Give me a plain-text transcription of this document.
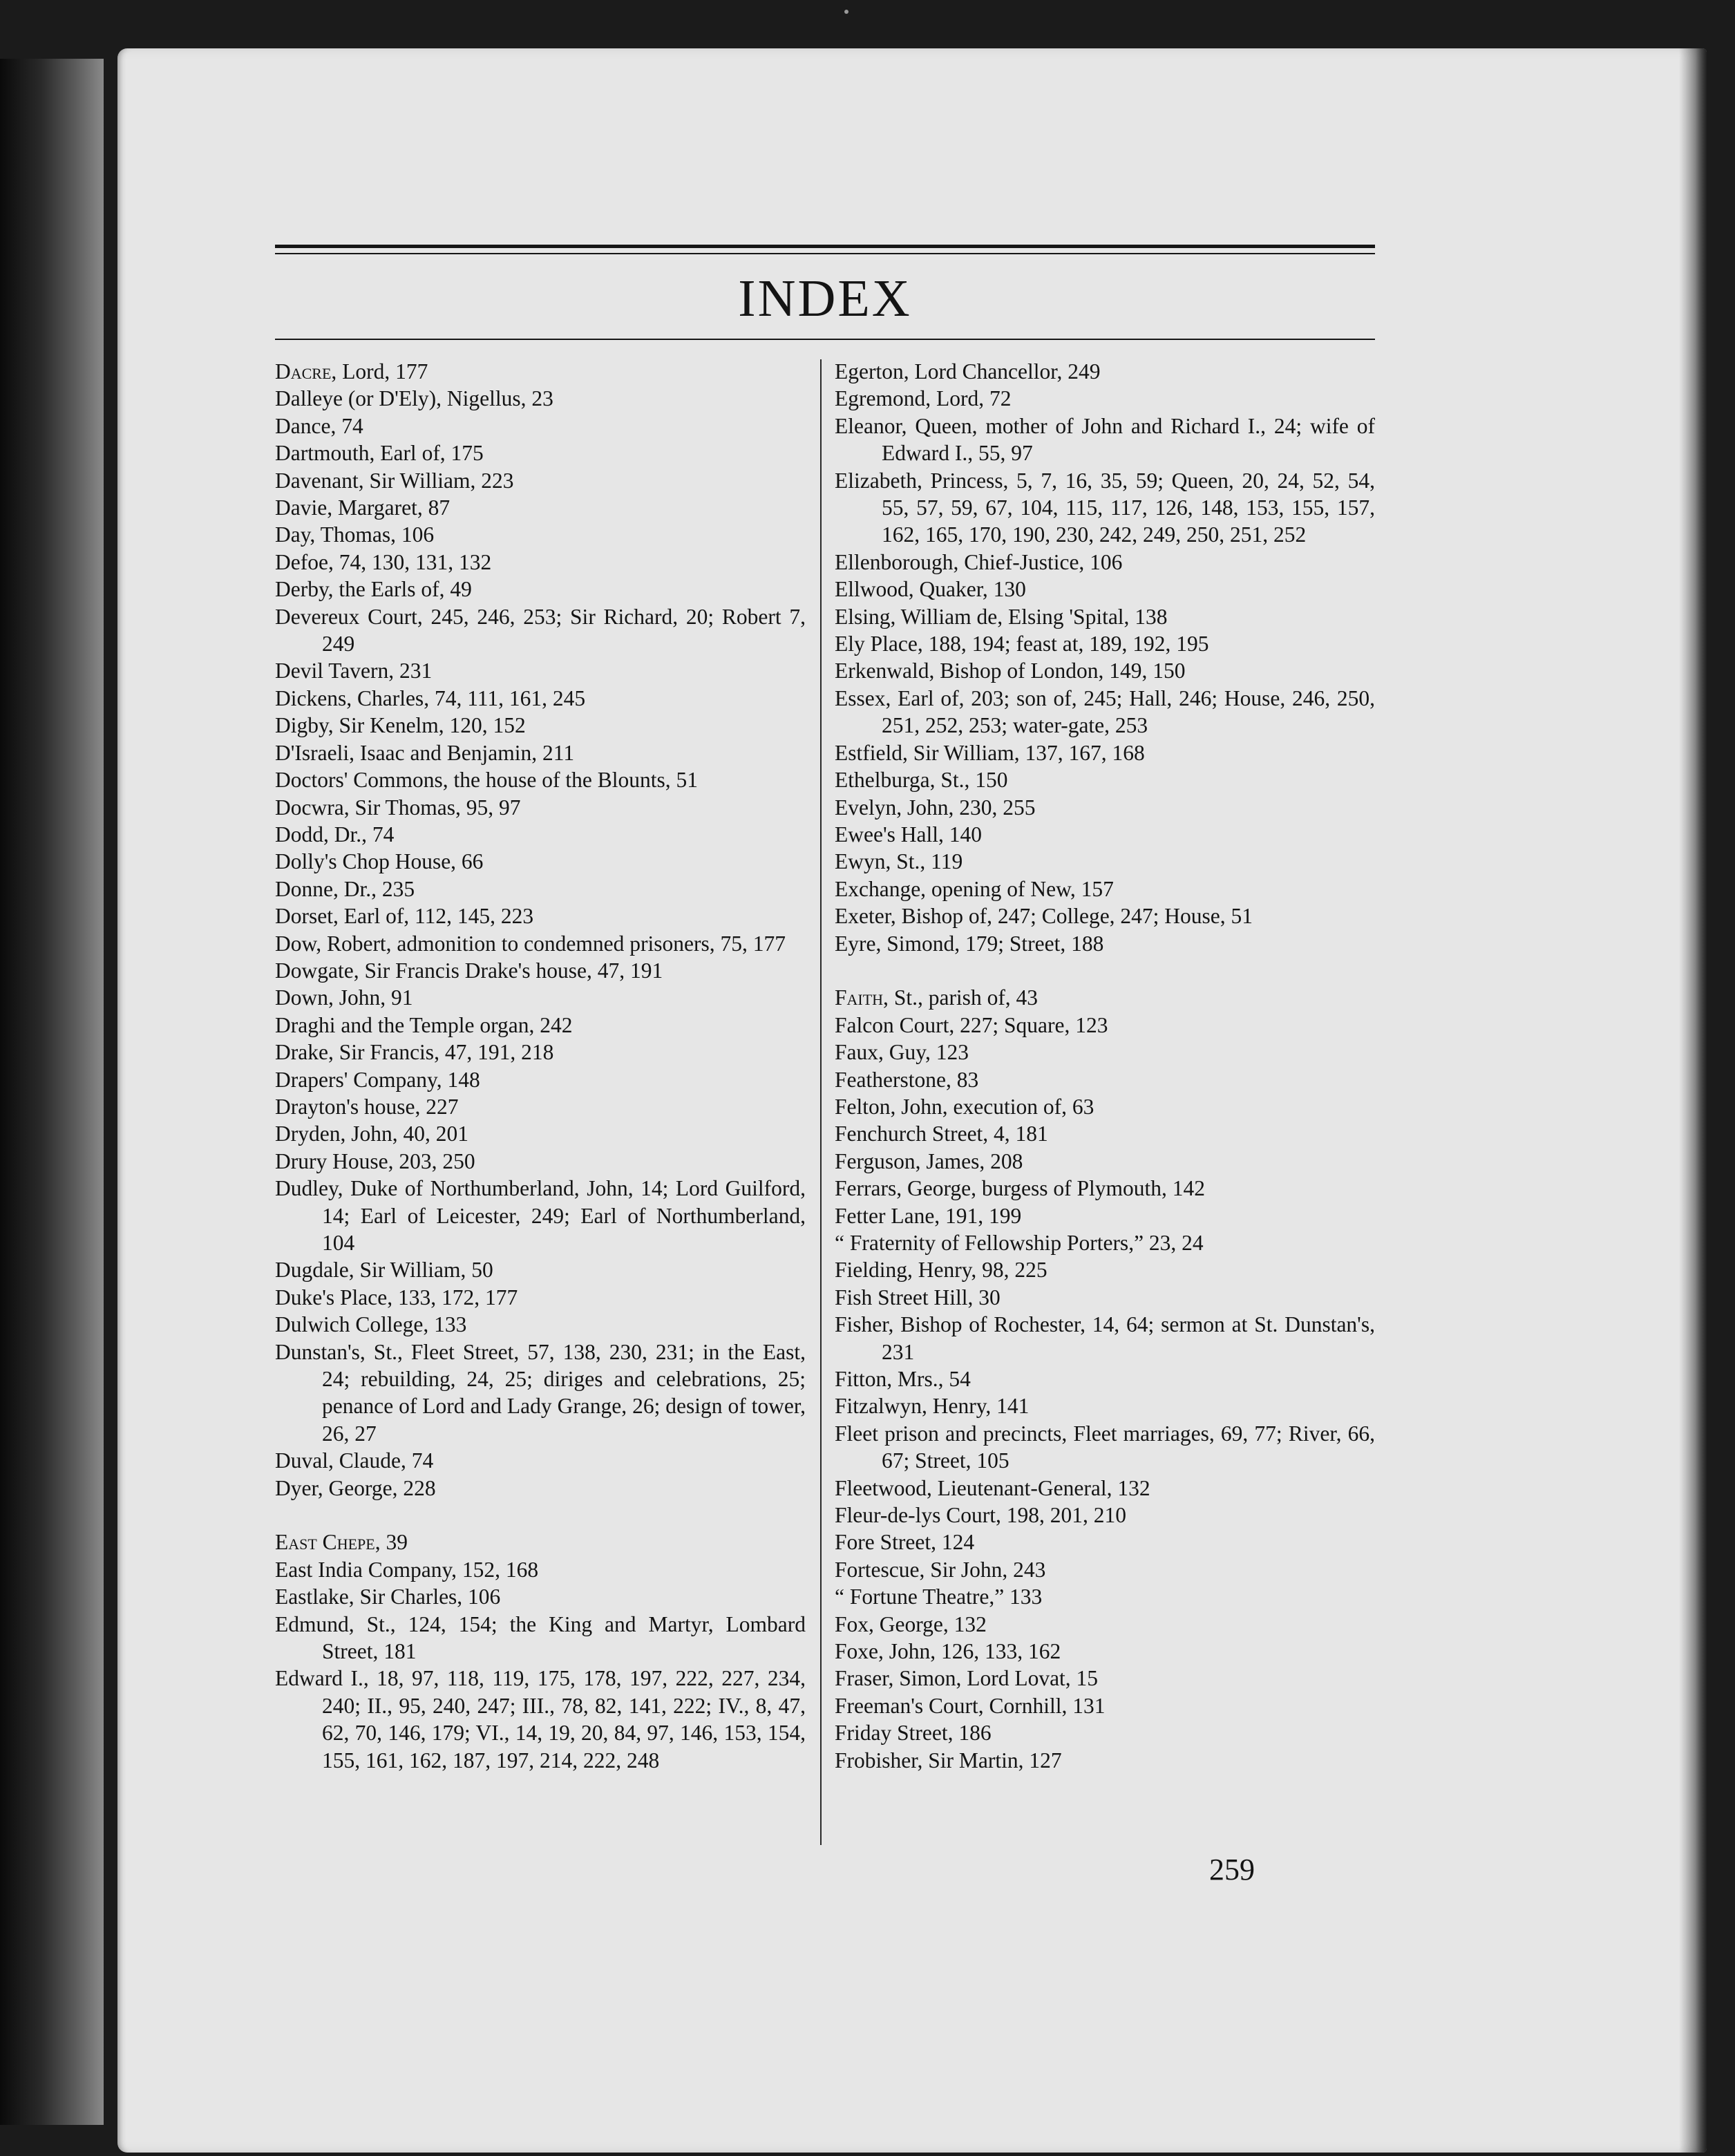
INDEX
Dacre, Lord, 177
Dalleye (or D'Ely), Nigellus, 23
Dance, 74
Dartmouth, Earl of, 175
Davenant, Sir William, 223
Davie, Margaret, 87
Day, Thomas, 106
Defoe, 74, 130, 131, 132
Derby, the Earls of, 49
Devereux Court, 245, 246, 253; Sir Richard, 20; Robert 7, 249
Devil Tavern, 231
Dickens, Charles, 74, 111, 161, 245
Digby, Sir Kenelm, 120, 152
D'Israeli, Isaac and Benjamin, 211
Doctors' Commons, the house of the Blounts, 51
Docwra, Sir Thomas, 95, 97
Dodd, Dr., 74
Dolly's Chop House, 66
Donne, Dr., 235
Dorset, Earl of, 112, 145, 223
Dow, Robert, admonition to condemned prisoners, 75, 177
Dowgate, Sir Francis Drake's house, 47, 191
Down, John, 91
Draghi and the Temple organ, 242
Drake, Sir Francis, 47, 191, 218
Drapers' Company, 148
Drayton's house, 227
Dryden, John, 40, 201
Drury House, 203, 250
Dudley, Duke of Northumberland, John, 14; Lord Guilford, 14; Earl of Leicester, 249; Earl of Northumberland, 104
Dugdale, Sir William, 50
Duke's Place, 133, 172, 177
Dulwich College, 133
Dunstan's, St., Fleet Street, 57, 138, 230, 231; in the East, 24; rebuilding, 24, 25; diriges and celebrations, 25; penance of Lord and Lady Grange, 26; design of tower, 26, 27
Duval, Claude, 74
Dyer, George, 228
East Chepe, 39
East India Company, 152, 168
Eastlake, Sir Charles, 106
Edmund, St., 124, 154; the King and Martyr, Lombard Street, 181
Edward I., 18, 97, 118, 119, 175, 178, 197, 222, 227, 234, 240; II., 95, 240, 247; III., 78, 82, 141, 222; IV., 8, 47, 62, 70, 146, 179; VI., 14, 19, 20, 84, 97, 146, 153, 154, 155, 161, 162, 187, 197, 214, 222, 248
Egerton, Lord Chancellor, 249
Egremond, Lord, 72
Eleanor, Queen, mother of John and Richard I., 24; wife of Edward I., 55, 97
Elizabeth, Princess, 5, 7, 16, 35, 59; Queen, 20, 24, 52, 54, 55, 57, 59, 67, 104, 115, 117, 126, 148, 153, 155, 157, 162, 165, 170, 190, 230, 242, 249, 250, 251, 252
Ellenborough, Chief-Justice, 106
Ellwood, Quaker, 130
Elsing, William de, Elsing 'Spital, 138
Ely Place, 188, 194; feast at, 189, 192, 195
Erkenwald, Bishop of London, 149, 150
Essex, Earl of, 203; son of, 245; Hall, 246; House, 246, 250, 251, 252, 253; water-gate, 253
Estfield, Sir William, 137, 167, 168
Ethelburga, St., 150
Evelyn, John, 230, 255
Ewee's Hall, 140
Ewyn, St., 119
Exchange, opening of New, 157
Exeter, Bishop of, 247; College, 247; House, 51
Eyre, Simond, 179; Street, 188
Faith, St., parish of, 43
Falcon Court, 227; Square, 123
Faux, Guy, 123
Featherstone, 83
Felton, John, execution of, 63
Fenchurch Street, 4, 181
Ferguson, James, 208
Ferrars, George, burgess of Plymouth, 142
Fetter Lane, 191, 199
“ Fraternity of Fellowship Porters,” 23, 24
Fielding, Henry, 98, 225
Fish Street Hill, 30
Fisher, Bishop of Rochester, 14, 64; sermon at St. Dunstan's, 231
Fitton, Mrs., 54
Fitzalwyn, Henry, 141
Fleet prison and precincts, Fleet marriages, 69, 77; River, 66, 67; Street, 105
Fleetwood, Lieutenant-General, 132
Fleur-de-lys Court, 198, 201, 210
Fore Street, 124
Fortescue, Sir John, 243
“ Fortune Theatre,” 133
Fox, George, 132
Foxe, John, 126, 133, 162
Fraser, Simon, Lord Lovat, 15
Freeman's Court, Cornhill, 131
Friday Street, 186
Frobisher, Sir Martin, 127
259
